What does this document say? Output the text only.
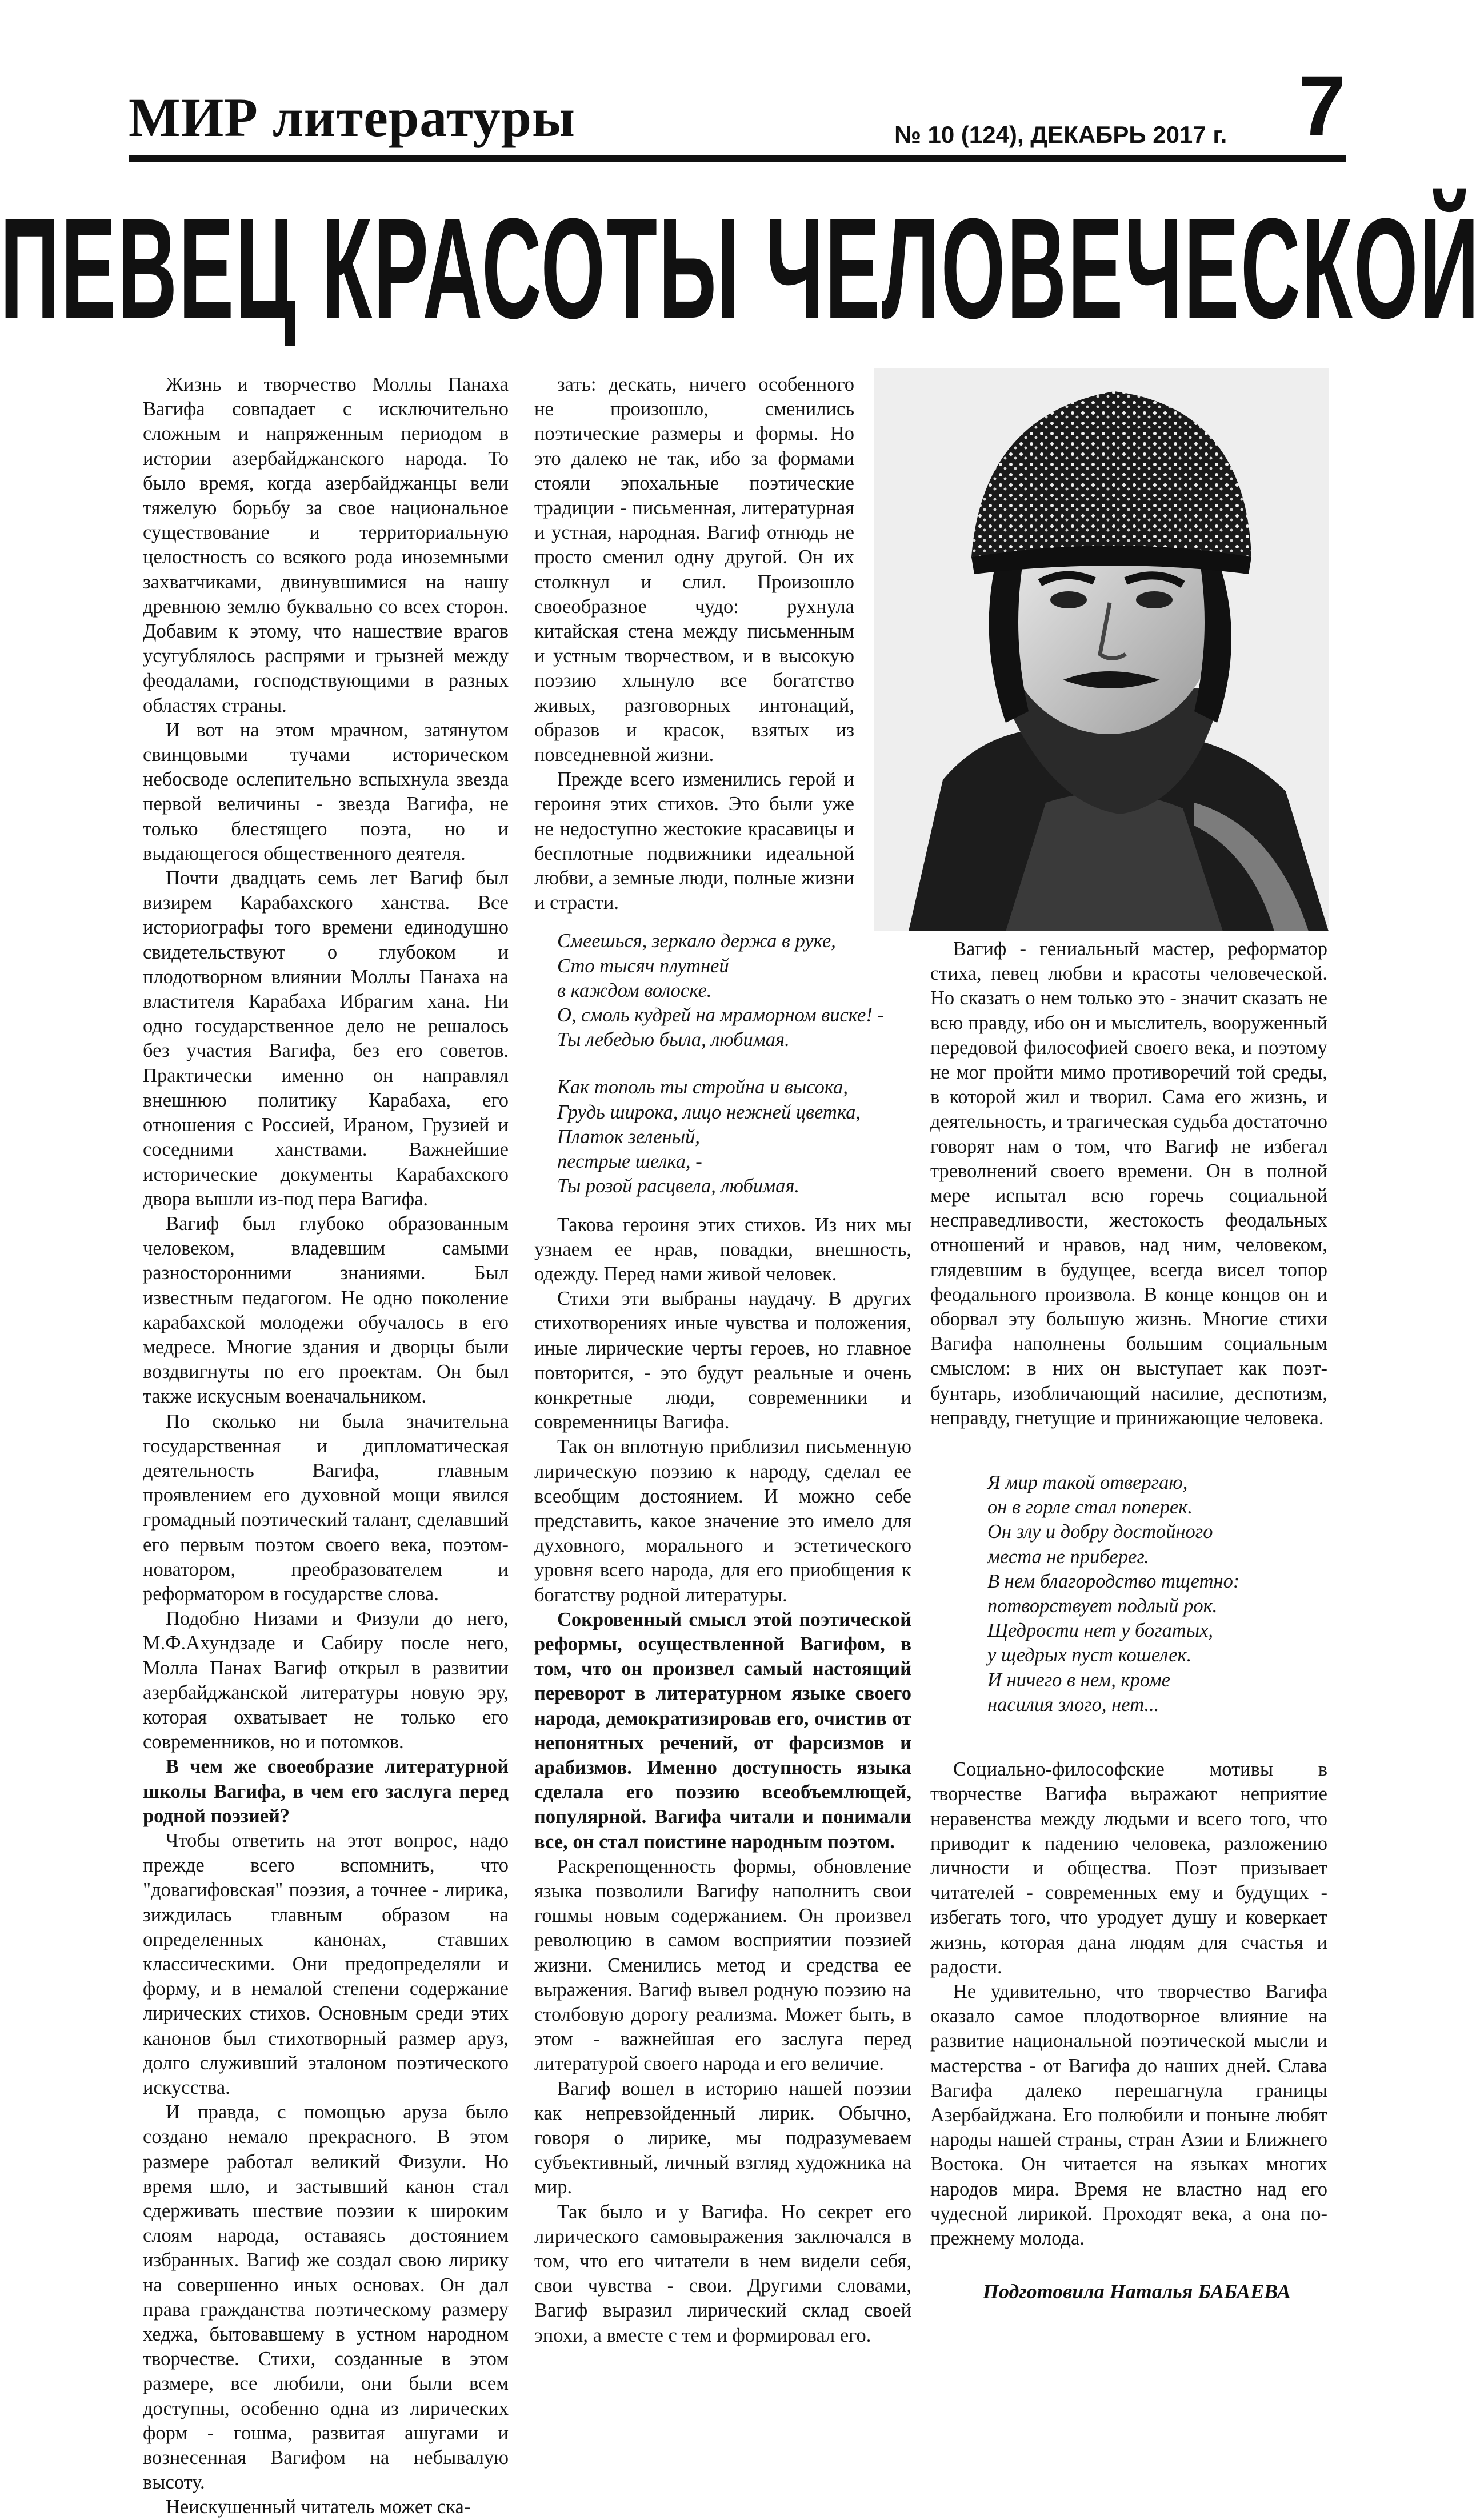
МИР литературы	№ 10 (124), ДЕКАБРЬ 2017 г. 7
ПЕВЕЦ КРАСОТЫ ЧЕЛОВЕЧЕСКОЙ

Жизнь и творчество Моллы Панаха Вагифа совпадает с исключительно сложным и напряженным периодом в истории азербайджанского народа. То было время, когда азербайджанцы вели тяжелую борьбу за свое национальное существование и территориальную целостность со всякого рода иноземными захватчиками, двинувшимися на нашу древнюю землю буквально со всех сторон. Добавим к этому, что нашествие врагов усугублялось распрями и грызней между феодалами, господствующими в разных областях страны.

И вот на этом мрачном, затянутом свинцовыми тучами историческом небосводе ослепительно вспыхнула звезда первой величины - звезда Вагифа, не только блестящего поэта, но и выдающегося общественного деятеля.

Почти двадцать семь лет Вагиф был визирем Карабахского ханства. Все историографы того времени единодушно свидетельствуют о глубоком и плодотворном влиянии Моллы Панаха на властителя Карабаха Ибрагим хана. Ни одно государственное дело не решалось без участия Вагифа, без его советов. Практически именно он направлял внешнюю политику Карабаха, его отношения с Россией, Ираном, Грузией и соседними ханствами. Важнейшие исторические документы Карабахского двора вышли из-под пера Вагифа.

Вагиф был глубоко образованным человеком, владевшим самыми разносторонними знаниями. Был известным педагогом. Не одно поколение карабахской молодежи обучалось в его медресе. Многие здания и дворцы были воздвигнуты по его проектам. Он был также искусным военачальником.

По сколько ни была значительна государственная и дипломатическая деятельность Вагифа, главным проявлением его духовной мощи явился громадный поэтический талант, сделавший его первым поэтом своего века, поэтом-новатором, преобразователем и реформатором в государстве слова.

Подобно Низами и Физули до него, М.Ф.Ахундзаде и Сабиру после него, Молла Панах Вагиф открыл в развитии азербайджанской литературы новую эру, которая охватывает не только его современников, но и потомков.

В чем же своеобразие литературной школы Вагифа, в чем его заслуга перед родной поэзией?

Чтобы ответить на этот вопрос, надо прежде всего вспомнить, что "довагифовская" поэзия, а точнее - лирика, зиждилась главным образом на определенных канонах, ставших классическими. Они предопределяли и форму, и в немалой степени содержание лирических стихов. Основным среди этих канонов был стихотворный размер аруз, долго служивший эталоном поэтического искусства.

И правда, с помощью аруза было создано немало прекрасного. В этом размере работал великий Физули. Но время шло, и застывший канон стал сдерживать шествие поэзии к широким слоям народа, оставаясь достоянием избранных. Вагиф же создал свою лирику на совершенно иных основах. Он дал права гражданства поэтическому размеру хеджа, бытовавшему в устном народном творчестве. Стихи, созданные в этом размере, все любили, они были всем доступны, особенно одна из лирических форм - гошма, развитая ашугами и вознесенная Вагифом на небывалую высоту.

Неискушенный читатель может ска-

зать: дескать, ничего особенного не произошло, сменились поэтические размеры и формы. Но это далеко не так, ибо за формами стояли эпохальные поэтические традиции - письменная, литературная и устная, народная. Вагиф отнюдь не просто сменил одну другой. Он их столкнул и слил. Произошло своеобразное чудо: рухнула китайская стена между письменным и устным творчеством, и в высокую поэзию хлынуло все богатство живых, разговорных интонаций, образов и красок, взятых из повседневной жизни.

Прежде всего изменились герой и героиня этих стихов. Это были уже не недоступно жестокие красавицы и бесплотные подвижники идеальной любви, а земные люди, полные жизни и страсти.

Смеешься, зеркало держа в руке,
Сто тысяч плутней
в каждом волоске.
О, смоль кудрей на мраморном виске! -
Ты лебедью была, любимая.
Как тополь ты стройна и высока,
Грудь широка, лицо нежней цветка,
Платок зеленый,
пестрые шелка, -
Ты розой расцвела, любимая.

Такова героиня этих стихов. Из них мы узнаем ее нрав, повадки, внешность, одежду. Перед нами живой человек.

Стихи эти выбраны наудачу. В других стихотворениях иные чувства и положения, иные лирические черты героев, но главное повторится, - это будут реальные и очень конкретные люди, современники и современницы Вагифа.

Так он вплотную приблизил письменную лирическую поэзию к народу, сделал ее всеобщим достоянием. И можно себе представить, какое значение это имело для духовного, морального и эстетического уровня всего народа, для его приобщения к богатству родной литературы.

Сокровенный смысл этой поэтической реформы, осуществленной Вагифом, в том, что он произвел самый настоящий переворот в литературном языке своего народа, демократизировав его, очистив от непонятных речений, от фарсизмов и арабизмов. Именно доступность языка сделала его поэзию всеобъемлющей, популярной. Вагифа читали и понимали все, он стал поистине народным поэтом.

Раскрепощенность формы, обновление языка позволили Вагифу наполнить свои гошмы новым содержанием. Он произвел революцию в самом восприятии поэзией жизни. Сменились метод и средства ее выражения. Вагиф вывел родную поэзию на столбовую дорогу реализма. Может быть, в этом - важнейшая его заслуга перед литературой своего народа и его величие.

Вагиф вошел в историю нашей поэзии как непревзойденный лирик. Обычно, говоря о лирике, мы подразумеваем субъективный, личный взгляд художника на мир.

Так было и у Вагифа. Но секрет его лирического самовыражения заключался в том, что его читатели в нем видели себя, свои чувства - свои. Другими словами, Вагиф выразил лирический склад своей эпохи, а вместе с тем и формировал его.

Вагиф - гениальный мастер, реформатор стиха, певец любви и красоты человеческой. Но сказать о нем только это - значит сказать не всю правду, ибо он и мыслитель, вооруженный передовой философией своего века, и поэтому не мог пройти мимо противоречий той среды, в которой жил и творил. Сама его жизнь, и деятельность, и трагическая судьба достаточно говорят нам о том, что Вагиф не избегал треволнений своего времени. Он в полной мере испытал всю горечь социальной несправедливости, жестокость феодальных отношений и нравов, над ним, человеком, глядевшим в будущее, всегда висел топор феодального произвола. В конце концов он и оборвал эту большую жизнь. Многие стихи Вагифа наполнены большим социальным смыслом: в них он выступает как поэт-бунтарь, изобличающий насилие, деспотизм, неправду, гнетущие и принижающие человека.

Я мир такой отвергаю,
он в горле стал поперек.
Он злу и добру достойного
места не приберег.
В нем благородство тщетно:
потворствует подлый рок.
Щедрости нет у богатых,
у щедрых пуст кошелек.
И ничего в нем, кроме
насилия злого, нет...

Социально-философские мотивы в творчестве Вагифа выражают неприятие неравенства между людьми и всего того, что приводит к падению человека, разложению личности и общества. Поэт призывает читателей - современных ему и будущих - избегать того, что уродует душу и коверкает жизнь, которая дана людям для счастья и радости.

Не удивительно, что творчество Вагифа оказало самое плодотворное влияние на развитие национальной поэтической мысли и мастерства - от Вагифа до наших дней. Слава Вагифа далеко перешагнула границы Азербайджана. Его полюбили и поныне любят народы нашей страны, стран Азии и Ближнего Востока. Он читается на языках многих народов мира. Время не властно над его чудесной лирикой. Проходят века, а она по-прежнему молода.

Подготовила Наталья БАБАЕВА
